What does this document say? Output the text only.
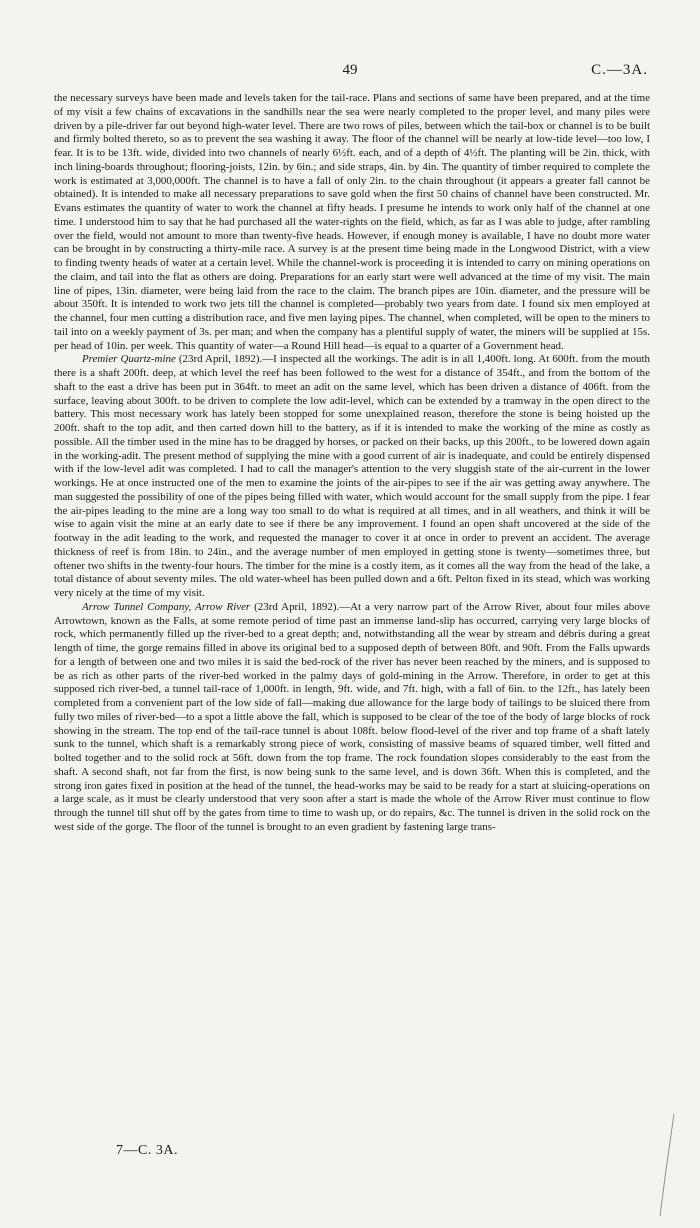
49	C.—3A.

the necessary surveys have been made and levels taken for the tail-race. Plans and sections of same have been prepared, and at the time of my visit a few chains of excavations in the sandhills near the sea were nearly completed to the proper level, and many piles were driven by a pile-driver far out beyond high-water level. There are two rows of piles, between which the tail-box or channel is to be built and firmly bolted thereto, so as to prevent the sea washing it away. The floor of the channel will be nearly at low-tide level—too low, I fear. It is to be 13ft. wide, divided into two channels of nearly 6½ft. each, and of a depth of 4½ft. The planting will be 2in. thick, with inch lining-boards throughout; flooring-joists, 12in. by 6in.; and side straps, 4in. by 4in. The quantity of timber required to complete the work is estimated at 3,000,000ft. The channel is to have a fall of only 2in. to the chain throughout (it appears a greater fall cannot be obtained). It is intended to make all necessary preparations to save gold when the first 50 chains of channel have been constructed. Mr. Evans estimates the quantity of water to work the channel at fifty heads. I presume he intends to work only half of the channel at one time. I understood him to say that he had purchased all the water-rights on the field, which, as far as I was able to judge, after rambling over the field, would not amount to more than twenty-five heads. However, if enough money is available, I have no doubt more water can be brought in by constructing a thirty-mile race. A survey is at the present time being made in the Longwood District, with a view to finding twenty heads of water at a certain level. While the channel-work is proceeding it is intended to carry on mining operations on the claim, and tail into the flat as others are doing. Preparations for an early start were well advanced at the time of my visit. The main line of pipes, 13in. diameter, were being laid from the race to the claim. The branch pipes are 10in. diameter, and the pressure will be about 350ft. It is intended to work two jets till the channel is completed—probably two years from date. I found six men employed at the channel, four men cutting a distribution race, and five men laying pipes. The channel, when completed, will be open to the miners to tail into on a weekly payment of 3s. per man; and when the company has a plentiful supply of water, the miners will be supplied at 15s. per head of 10in. per week. This quantity of water—a Round Hill head—is equal to a quarter of a Government head.

Premier Quartz-mine (23rd April, 1892).—I inspected all the workings. The adit is in all 1,400ft. long. At 600ft. from the mouth there is a shaft 200ft. deep, at which level the reef has been followed to the west for a distance of 354ft., and from the bottom of the shaft to the east a drive has been put in 364ft. to meet an adit on the same level, which has been driven a distance of 406ft. from the surface, leaving about 300ft. to be driven to complete the low adit-level, which can be extended by a tramway in the open direct to the battery. This most necessary work has lately been stopped for some unexplained reason, therefore the stone is being hoisted up the 200ft. shaft to the top adit, and then carted down hill to the battery, as if it is intended to make the working of the mine as costly as possible. All the timber used in the mine has to be dragged by horses, or packed on their backs, up this 200ft., to be lowered down again in the working-adit. The present method of supplying the mine with a good current of air is inadequate, and could be entirely dispensed with if the low-level adit was completed. I had to call the manager's attention to the very sluggish state of the air-current in the lower workings. He at once instructed one of the men to examine the joints of the air-pipes to see if the air was getting away anywhere. The man suggested the possibility of one of the pipes being filled with water, which would account for the small supply from the pipe. I fear the air-pipes leading to the mine are a long way too small to do what is required at all times, and in all weathers, and think it will be wise to again visit the mine at an early date to see if there be any improvement. I found an open shaft uncovered at the side of the footway in the adit leading to the work, and requested the manager to cover it at once in order to prevent an accident. The average thickness of reef is from 18in. to 24in., and the average number of men employed in getting stone is twenty—sometimes three, but oftener two shifts in the twenty-four hours. The timber for the mine is a costly item, as it comes all the way from the head of the lake, a total distance of about seventy miles. The old water-wheel has been pulled down and a 6ft. Pelton fixed in its stead, which was working very nicely at the time of my visit.

Arrow Tunnel Company, Arrow River (23rd April, 1892).—At a very narrow part of the Arrow River, about four miles above Arrowtown, known as the Falls, at some remote period of time past an immense land-slip has occurred, carrying very large blocks of rock, which permanently filled up the river-bed to a great depth; and, notwithstanding all the wear by stream and débris during a great length of time, the gorge remains filled in above its original bed to a supposed depth of between 80ft. and 90ft. From the Falls upwards for a length of between one and two miles it is said the bed-rock of the river has never been reached by the miners, and is supposed to be as rich as other parts of the river-bed worked in the palmy days of gold-mining in the Arrow. Therefore, in order to get at this supposed rich river-bed, a tunnel tail-race of 1,000ft. in length, 9ft. wide, and 7ft. high, with a fall of 6in. to the 12ft., has lately been completed from a convenient part of the low side of fall—making due allowance for the large body of tailings to be sluiced there from fully two miles of river-bed—to a spot a little above the fall, which is supposed to be clear of the toe of the body of large blocks of rock showing in the stream. The top end of the tail-race tunnel is about 108ft. below flood-level of the river and top frame of a shaft lately sunk to the tunnel, which shaft is a remarkably strong piece of work, consisting of massive beams of squared timber, well fitted and bolted together and to the solid rock at 56ft. down from the top frame. The rock foundation slopes considerably to the east from the shaft. A second shaft, not far from the first, is now being sunk to the same level, and is down 36ft. When this is completed, and the strong iron gates fixed in position at the head of the tunnel, the head-works may be said to be ready for a start at sluicing-operations on a large scale, as it must be clearly understood that very soon after a start is made the whole of the Arrow River must continue to flow through the tunnel till shut off by the gates from time to time to wash up, or do repairs, &c. The tunnel is driven in the solid rock on the west side of the gorge. The floor of the tunnel is brought to an even gradient by fastening large trans-

7—C. 3A.
